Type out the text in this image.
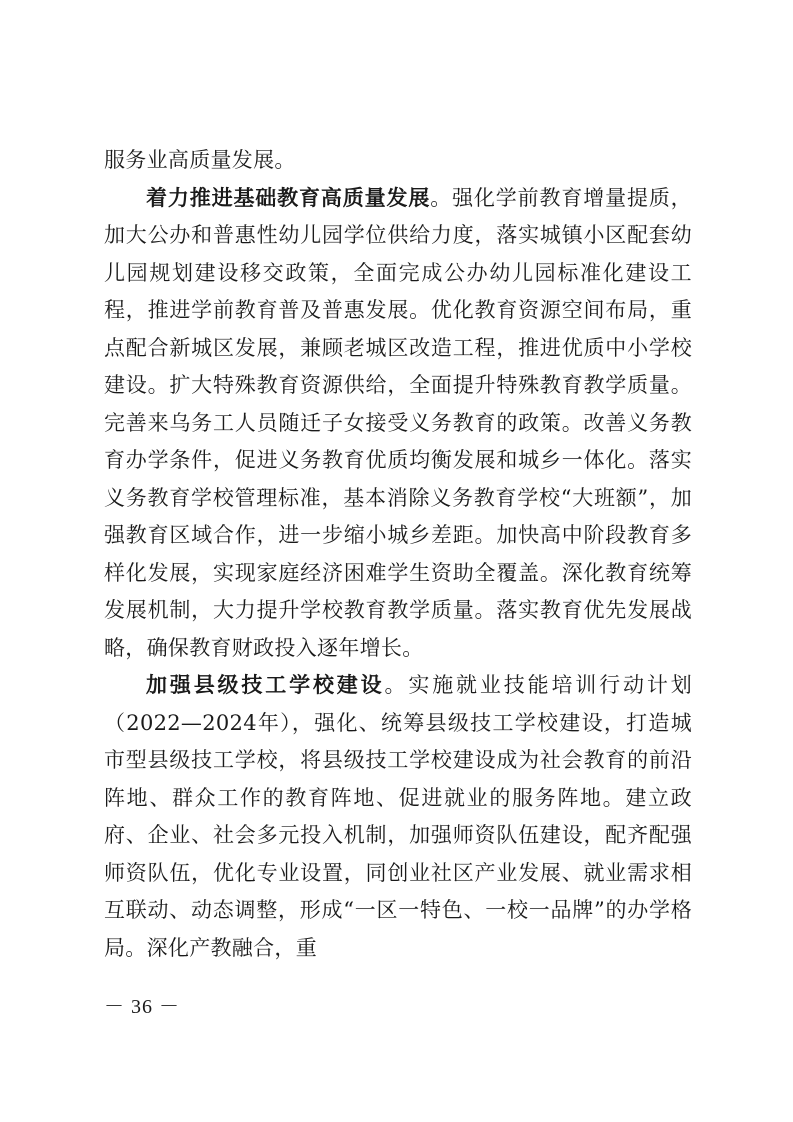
服务业高质量发展。

着力推进基础教育高质量发展。强化学前教育增量提质，加大公办和普惠性幼儿园学位供给力度，落实城镇小区配套幼儿园规划建设移交政策，全面完成公办幼儿园标准化建设工程，推进学前教育普及普惠发展。优化教育资源空间布局，重点配合新城区发展，兼顾老城区改造工程，推进优质中小学校建设。扩大特殊教育资源供给，全面提升特殊教育教学质量。完善来乌务工人员随迁子女接受义务教育的政策。改善义务教育办学条件，促进义务教育优质均衡发展和城乡一体化。落实义务教育学校管理标准，基本消除义务教育学校“大班额”，加强教育区域合作，进一步缩小城乡差距。加快高中阶段教育多样化发展，实现家庭经济困难学生资助全覆盖。深化教育统筹发展机制，大力提升学校教育教学质量。落实教育优先发展战略，确保教育财政投入逐年增长。

加强县级技工学校建设。实施就业技能培训行动计划（2022—2024年），强化、统筹县级技工学校建设，打造城市型县级技工学校，将县级技工学校建设成为社会教育的前沿阵地、群众工作的教育阵地、促进就业的服务阵地。建立政府、企业、社会多元投入机制，加强师资队伍建设，配齐配强师资队伍，优化专业设置，同创业社区产业发展、就业需求相互联动、动态调整，形成“一区一特色、一校一品牌”的办学格局。深化产教融合，重

－ 36 －
